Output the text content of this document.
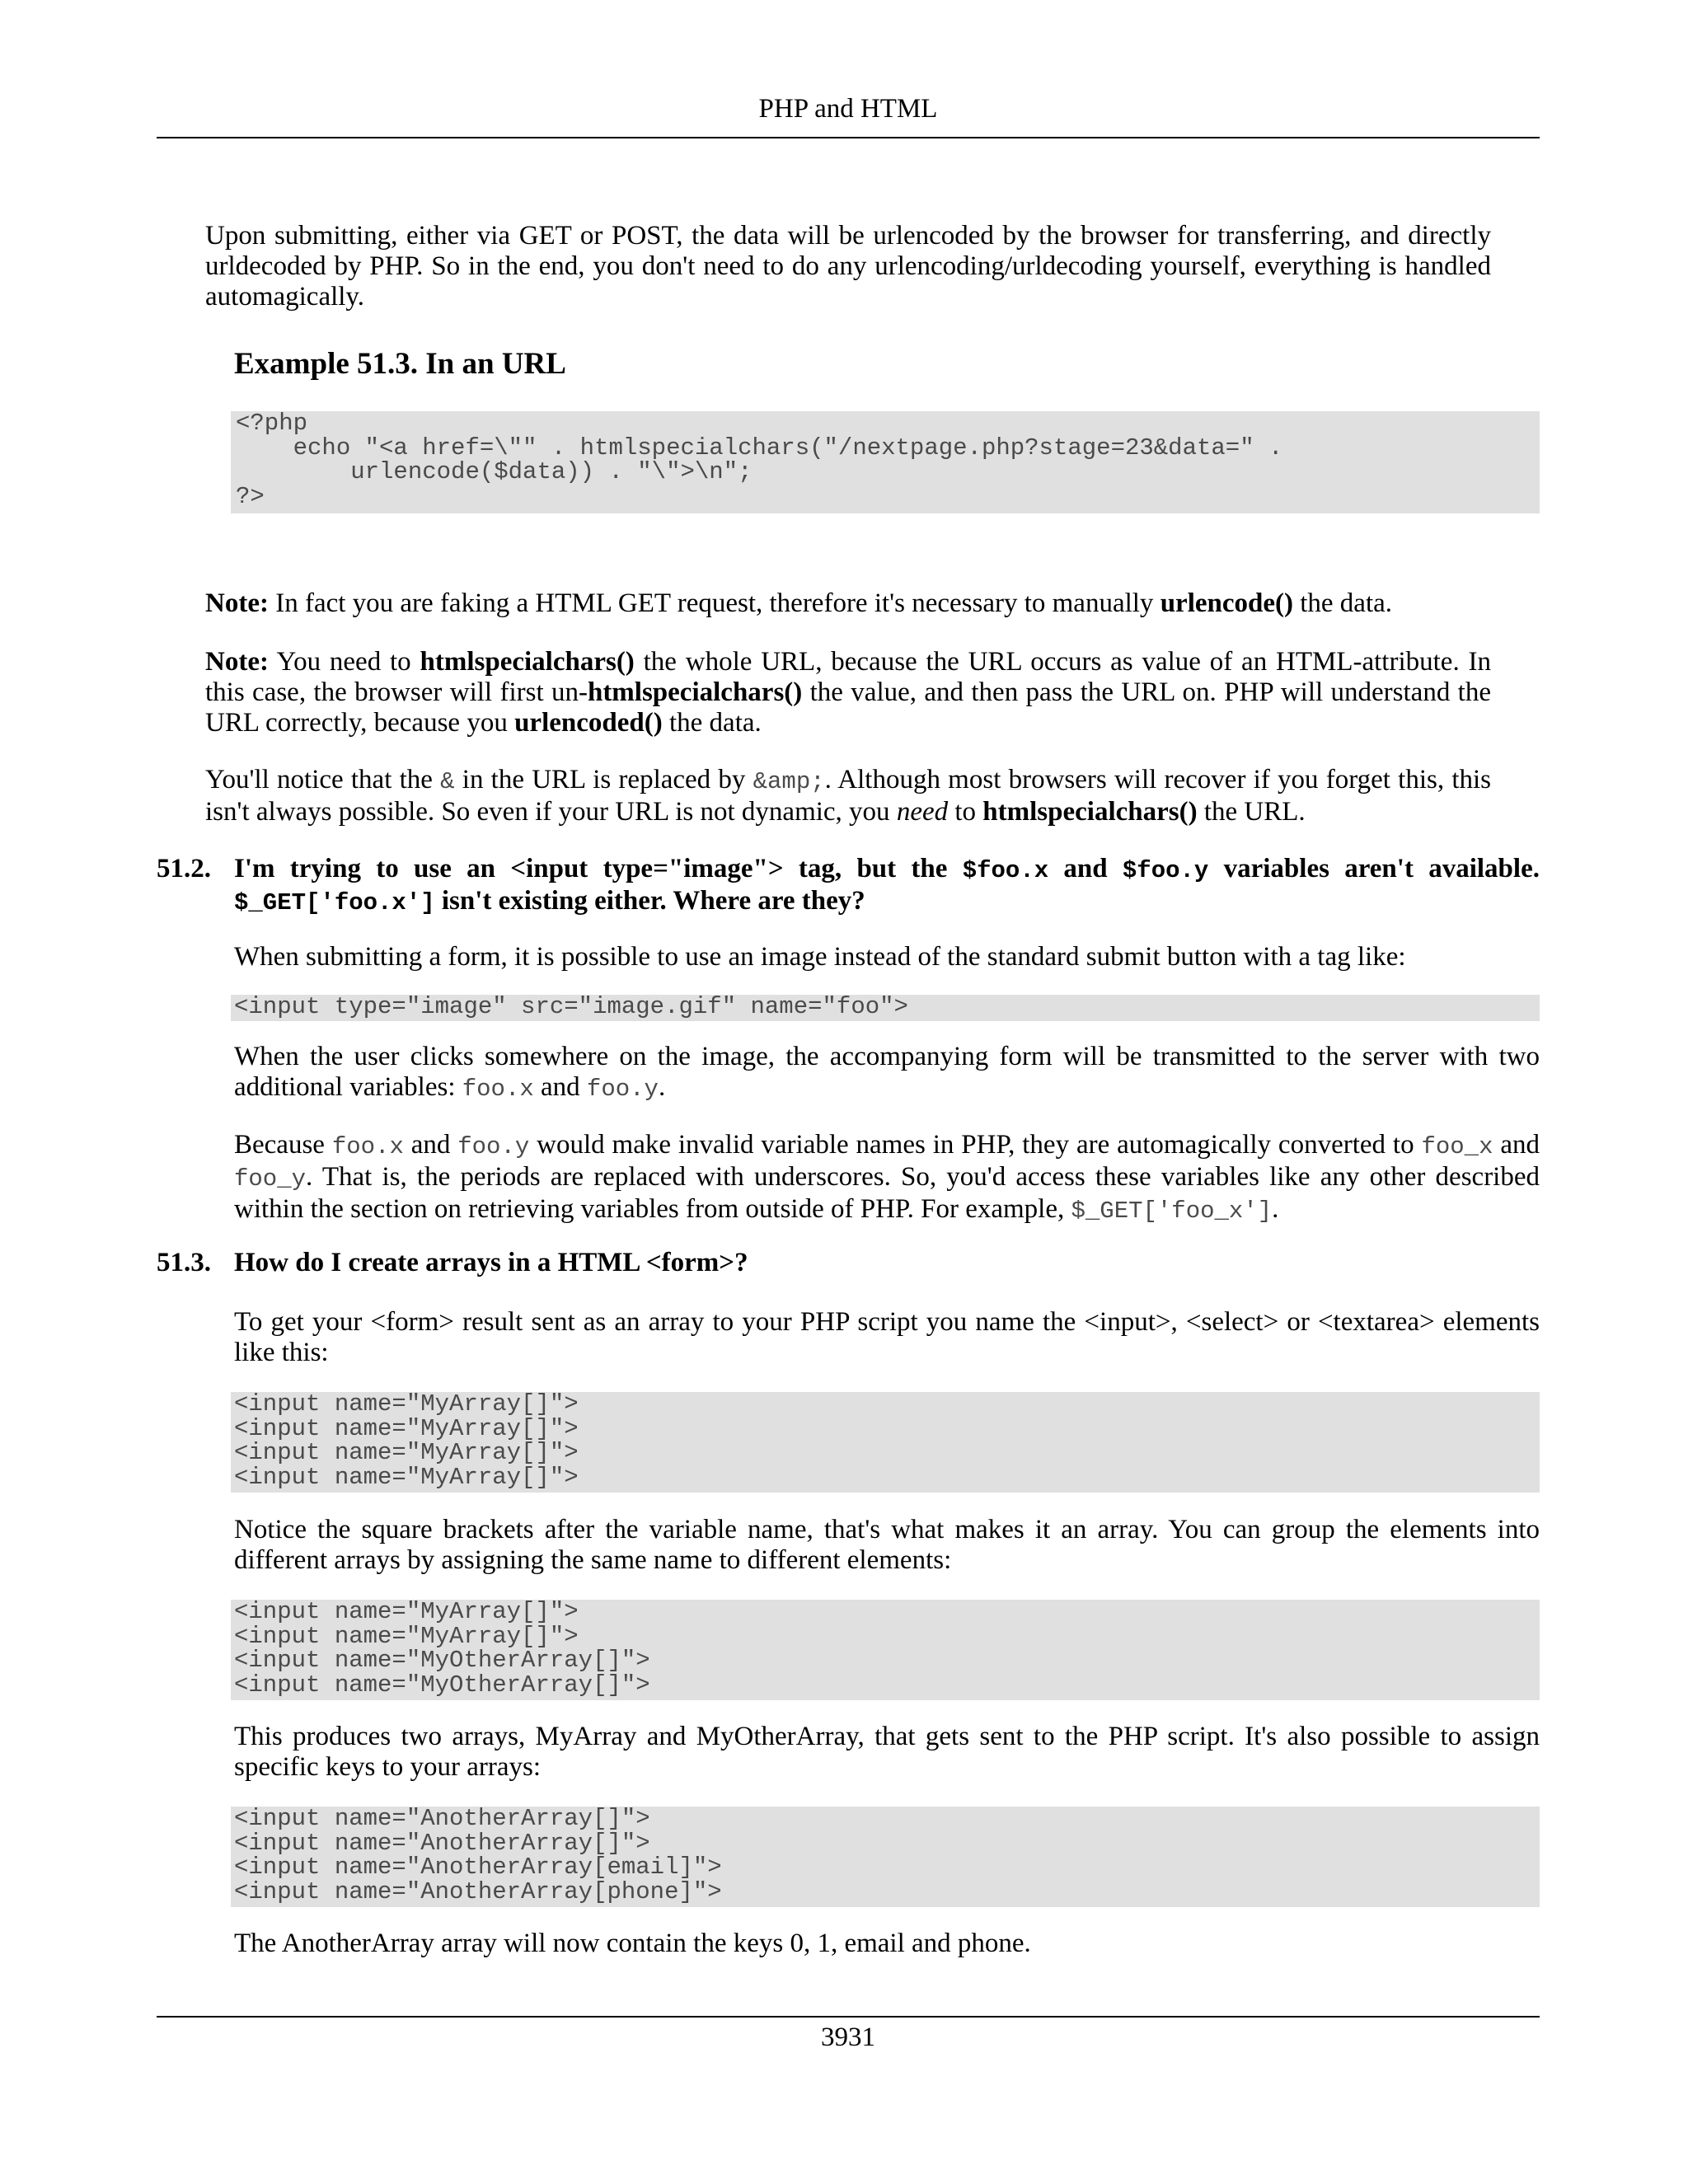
PHP and HTML

Upon submitting, either via GET or POST, the data will be urlencoded by the browser for transferring, and directly urldecoded by PHP. So in the end, you don't need to do any urlencoding/urldecoding yourself, everything is handled automagically.

Example 51.3. In an URL
<?php
echo "<a href=\"" . htmlspecialchars("/nextpage.php?stage=23&data=" .
urlencode($data)) . "\">\n";
?>

Note: In fact you are faking a HTML GET request, therefore it's necessary to manually urlencode() the data.

Note: You need to htmlspecialchars() the whole URL, because the URL occurs as value of an HTML-attribute. In this case, the browser will first un-htmlspecialchars() the value, and then pass the URL on. PHP will understand the URL correctly, because you urlencoded() the data.

You'll notice that the & in the URL is replaced by &amp;. Although most browsers will recover if you forget this, this isn't always possible. So even if your URL is not dynamic, you need to htmlspecialchars() the URL.

51.2. I'm trying to use an <input type="image"> tag, but the $foo.x and $foo.y variables aren't available. $_GET['foo.x'] isn't existing either. Where are they?

When submitting a form, it is possible to use an image instead of the standard submit button with a tag like:

<input type="image" src="image.gif" name="foo">

When the user clicks somewhere on the image, the accompanying form will be transmitted to the server with two additional variables: foo.x and foo.y.

Because foo.x and foo.y would make invalid variable names in PHP, they are automagically converted to foo_x and foo_y. That is, the periods are replaced with underscores. So, you'd access these variables like any other described within the section on retrieving variables from outside of PHP. For example, $_GET['foo_x'].

51.3. How do I create arrays in a HTML <form>?

To get your <form> result sent as an array to your PHP script you name the <input>, <select> or <textarea> elements like this:

<input name="MyArray[]">
<input name="MyArray[]">
<input name="MyArray[]">
<input name="MyArray[]">

Notice the square brackets after the variable name, that's what makes it an array. You can group the elements into different arrays by assigning the same name to different elements:

<input name="MyArray[]">
<input name="MyArray[]">
<input name="MyOtherArray[]">
<input name="MyOtherArray[]">

This produces two arrays, MyArray and MyOtherArray, that gets sent to the PHP script. It's also possible to assign specific keys to your arrays:

<input name="AnotherArray[]">
<input name="AnotherArray[]">
<input name="AnotherArray[email]">
<input name="AnotherArray[phone]">

The AnotherArray array will now contain the keys 0, 1, email and phone.

3931
